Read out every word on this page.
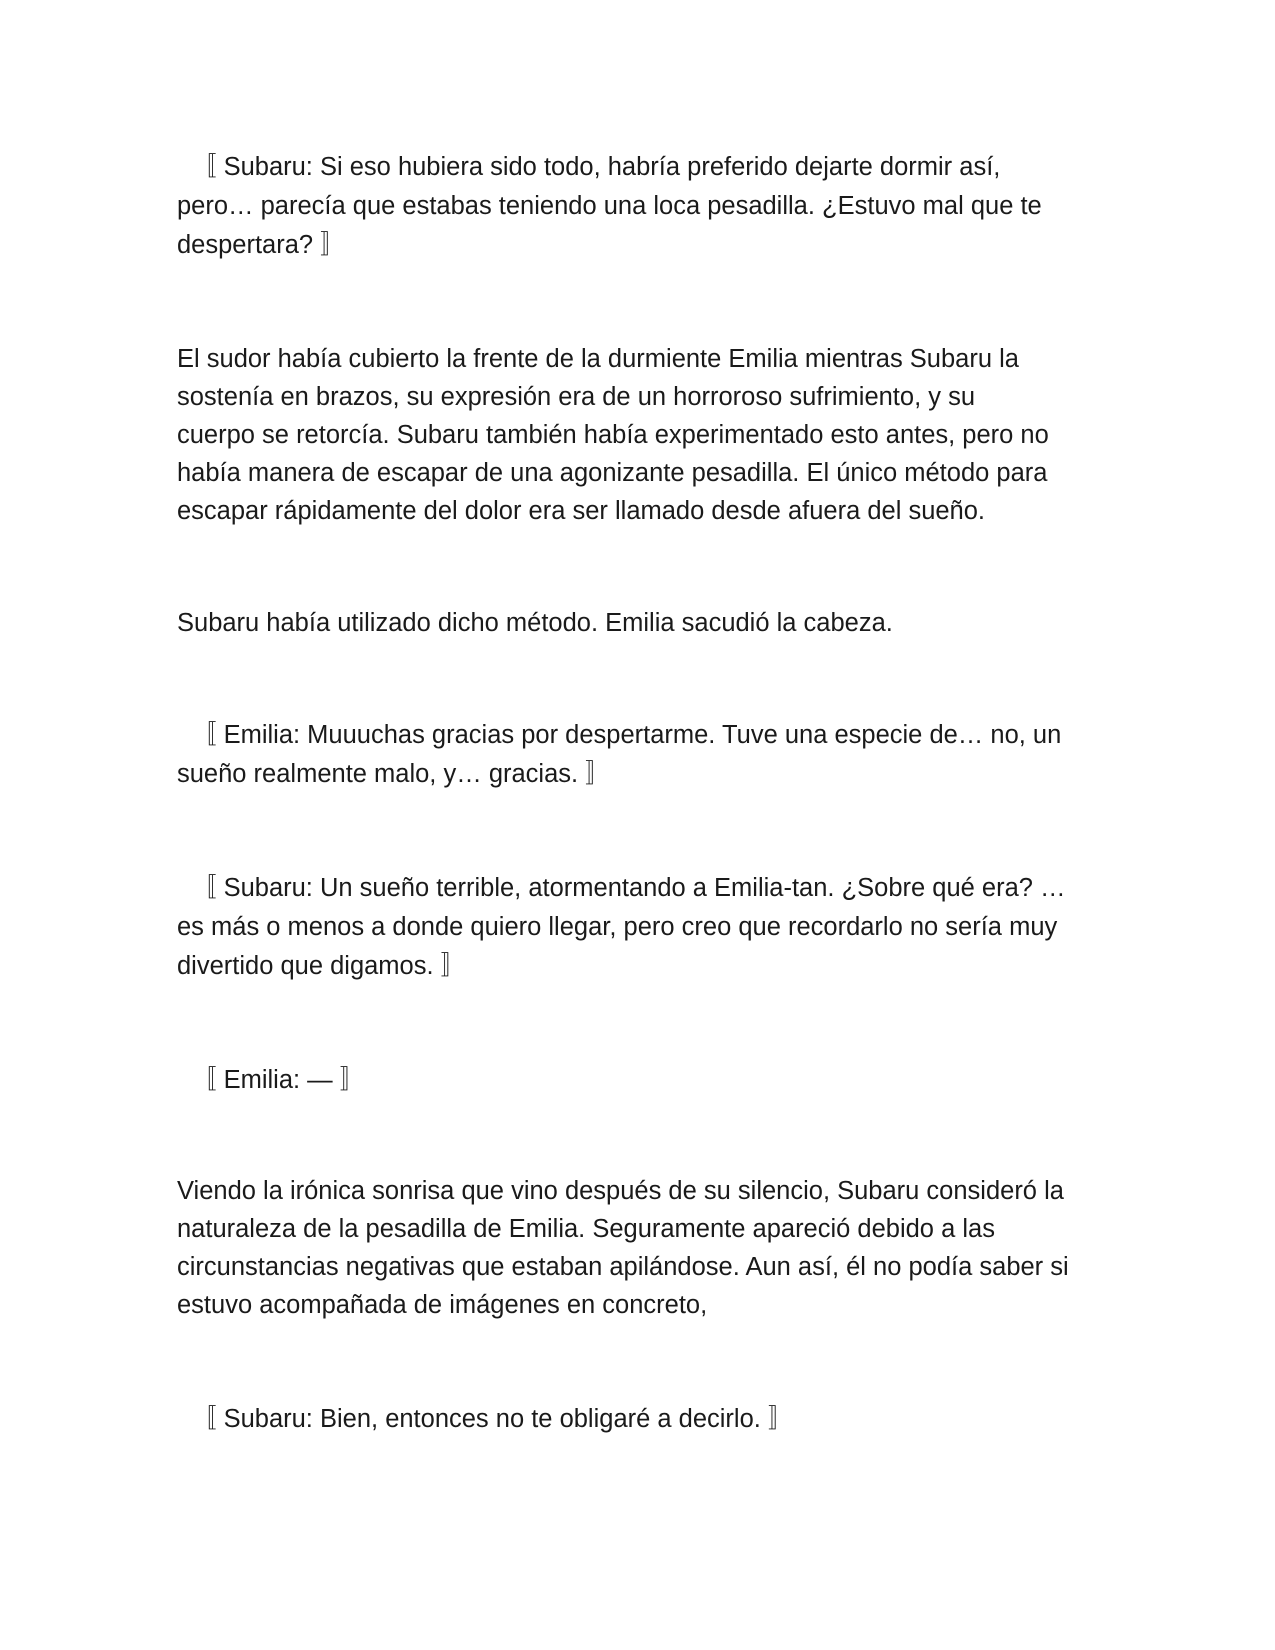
〚 Subaru: Si eso hubiera sido todo, habría preferido dejarte dormir así,
pero… parecía que estabas teniendo una loca pesadilla. ¿Estuvo mal que te
despertara? 〛

El sudor había cubierto la frente de la durmiente Emilia mientras Subaru la
sostenía en brazos, su expresión era de un horroroso sufrimiento, y su
cuerpo se retorcía. Subaru también había experimentado esto antes, pero no
había manera de escapar de una agonizante pesadilla. El único método para
escapar rápidamente del dolor era ser llamado desde afuera del sueño.

Subaru había utilizado dicho método. Emilia sacudió la cabeza.

〚 Emilia: Muuuchas gracias por despertarme. Tuve una especie de… no, un
sueño realmente malo, y… gracias. 〛

〚 Subaru: Un sueño terrible, atormentando a Emilia-tan. ¿Sobre qué era? …
es más o menos a donde quiero llegar, pero creo que recordarlo no sería muy
divertido que digamos. 〛

〚 Emilia: — 〛

Viendo la irónica sonrisa que vino después de su silencio, Subaru consideró la
naturaleza de la pesadilla de Emilia. Seguramente apareció debido a las
circunstancias negativas que estaban apilándose. Aun así, él no podía saber si
estuvo acompañada de imágenes en concreto,

〚 Subaru: Bien, entonces no te obligaré a decirlo. 〛
